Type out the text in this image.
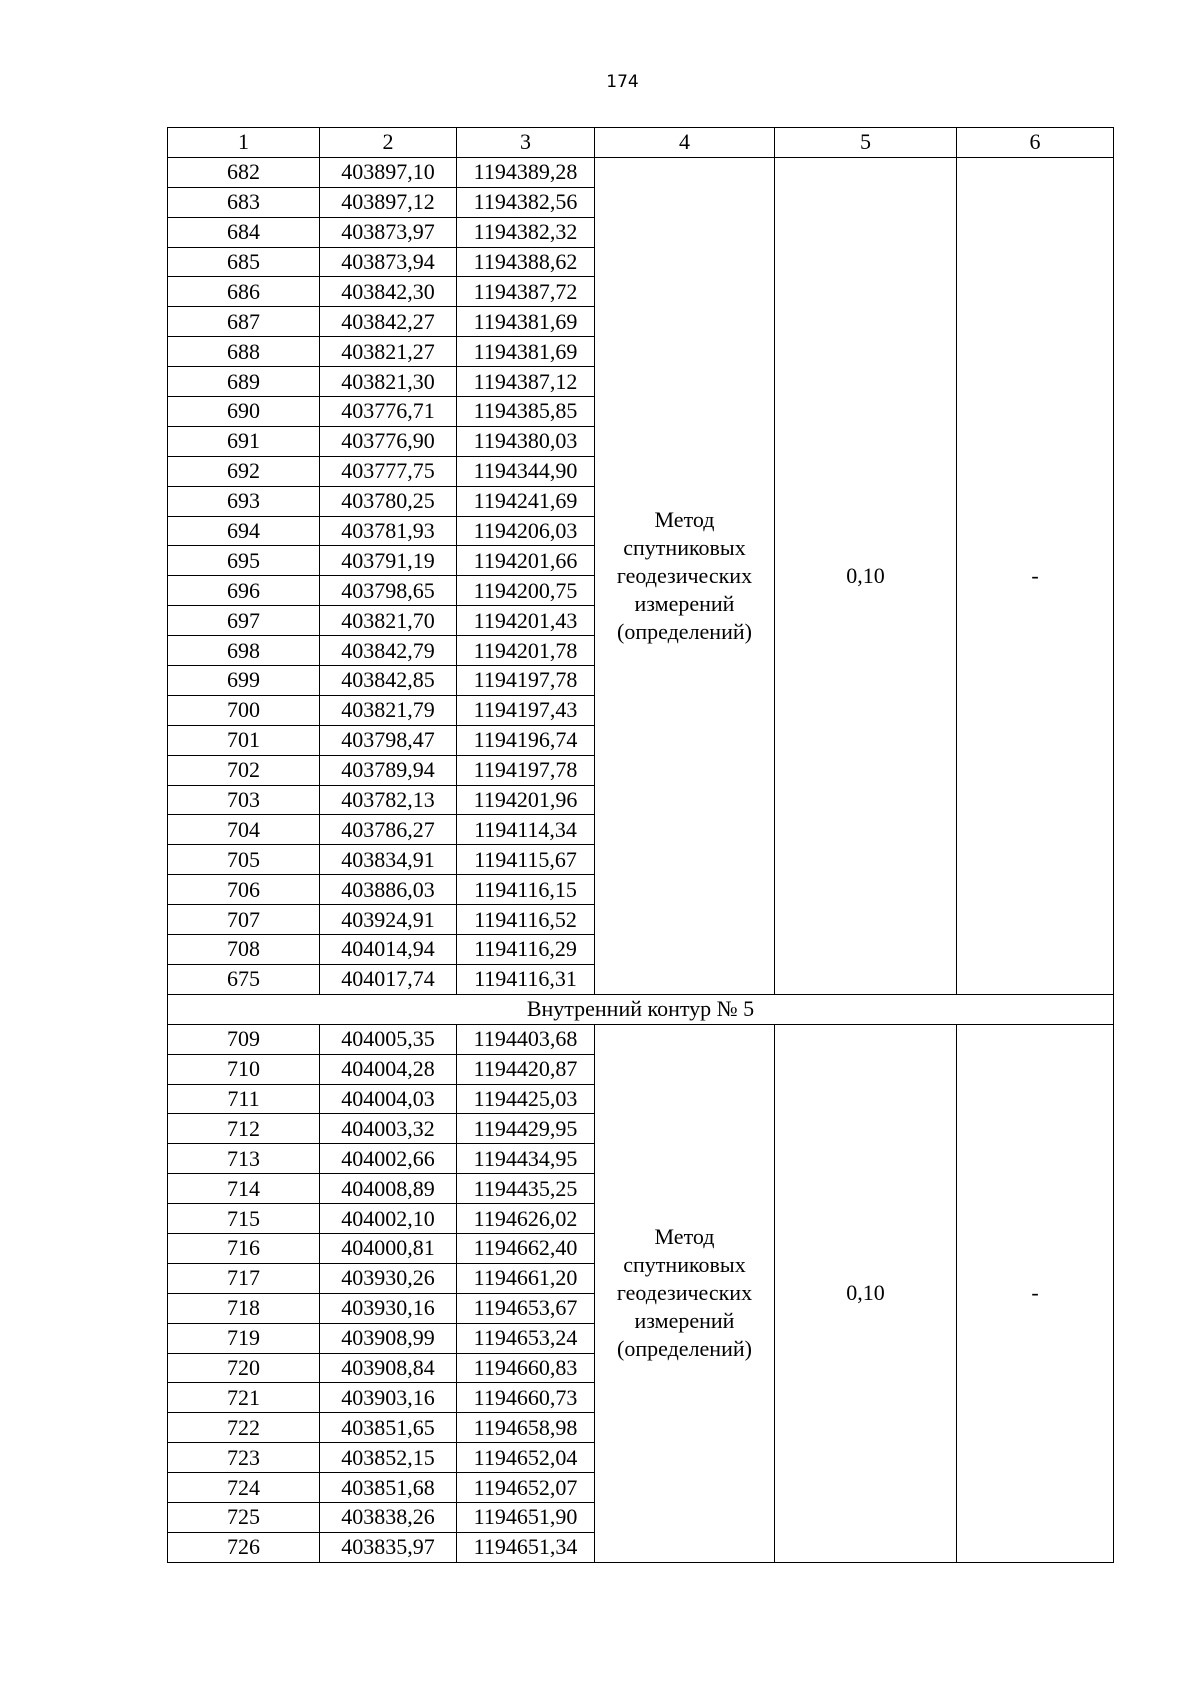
174
1	2	3	4	5	6
682	403897,10	1194389,28	Метод спутниковых геодезических измерений (определений)	0,10	-
683	403897,12	1194382,56			
684	403873,97	1194382,32			
685	403873,94	1194388,62			
686	403842,30	1194387,72			
687	403842,27	1194381,69			
688	403821,27	1194381,69			
689	403821,30	1194387,12			
690	403776,71	1194385,85			
691	403776,90	1194380,03			
692	403777,75	1194344,90			
693	403780,25	1194241,69			
694	403781,93	1194206,03			
695	403791,19	1194201,66			
696	403798,65	1194200,75			
697	403821,70	1194201,43			
698	403842,79	1194201,78			
699	403842,85	1194197,78			
700	403821,79	1194197,43			
701	403798,47	1194196,74			
702	403789,94	1194197,78			
703	403782,13	1194201,96			
704	403786,27	1194114,34			
705	403834,91	1194115,67			
706	403886,03	1194116,15			
707	403924,91	1194116,52			
708	404014,94	1194116,29			
675	404017,74	1194116,31			
Внутренний контур № 5					
709	404005,35	1194403,68	Метод спутниковых геодезических измерений (определений)	0,10	-
710	404004,28	1194420,87			
711	404004,03	1194425,03			
712	404003,32	1194429,95			
713	404002,66	1194434,95			
714	404008,89	1194435,25			
715	404002,10	1194626,02			
716	404000,81	1194662,40			
717	403930,26	1194661,20			
718	403930,16	1194653,67			
719	403908,99	1194653,24			
720	403908,84	1194660,83			
721	403903,16	1194660,73			
722	403851,65	1194658,98			
723	403852,15	1194652,04			
724	403851,68	1194652,07			
725	403838,26	1194651,90			
726	403835,97	1194651,34			
